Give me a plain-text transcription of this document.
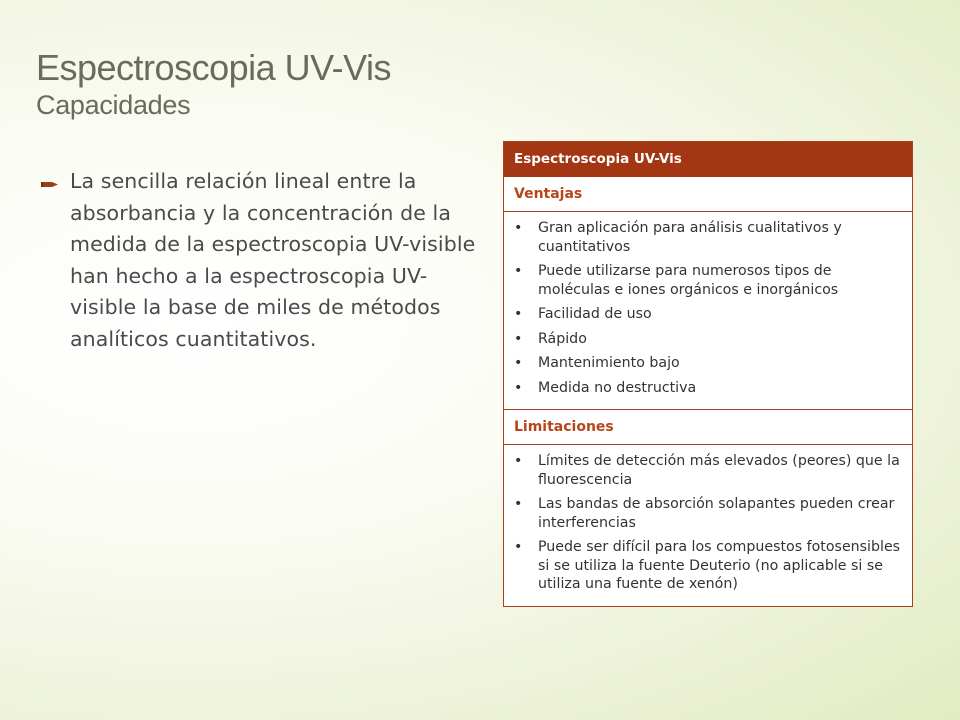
Espectroscopia UV-Vis
Capacidades
La sencilla relación lineal entre la absorbancia y la concentración de la medida de la espectroscopia UV-visible han hecho a la espectroscopia UV-visible la base de miles de métodos analíticos cuantitativos.
Espectroscopia UV-Vis
Ventajas
• Gran aplicación para análisis cualitativos y cuantitativos
• Puede utilizarse para numerosos tipos de moléculas e iones orgánicos e inorgánicos
• Facilidad de uso
• Rápido
• Mantenimiento bajo
• Medida no destructiva
Limitaciones
• Límites de detección más elevados (peores) que la fluorescencia
• Las bandas de absorción solapantes pueden crear interferencias
• Puede ser difícil para los compuestos fotosensibles si se utiliza la fuente Deuterio (no aplicable si se utiliza una fuente de xenón)
